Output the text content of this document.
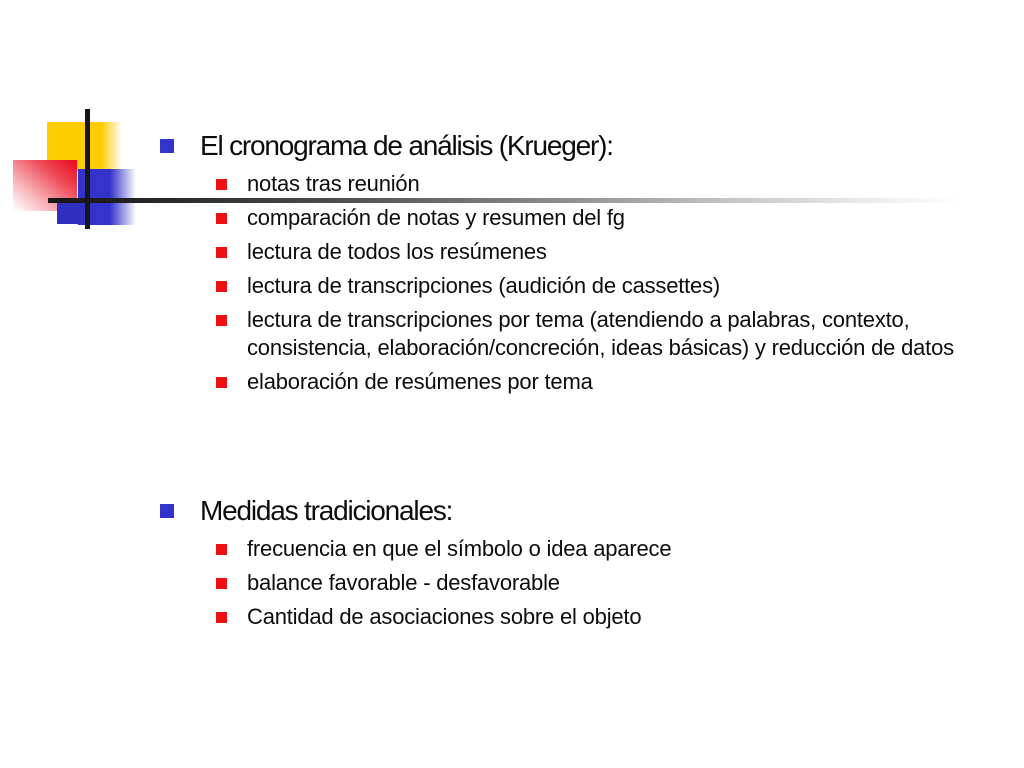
El cronograma de análisis (Krueger):
notas tras reunión
comparación de notas y resumen del fg
lectura de todos los resúmenes
lectura de transcripciones (audición de cassettes)
lectura de transcripciones por tema (atendiendo a palabras, contexto, consistencia, elaboración/concreción, ideas básicas) y reducción de datos
elaboración de resúmenes por tema
Medidas tradicionales:
frecuencia en que el símbolo o idea aparece
balance favorable - desfavorable
Cantidad de asociaciones sobre el objeto
